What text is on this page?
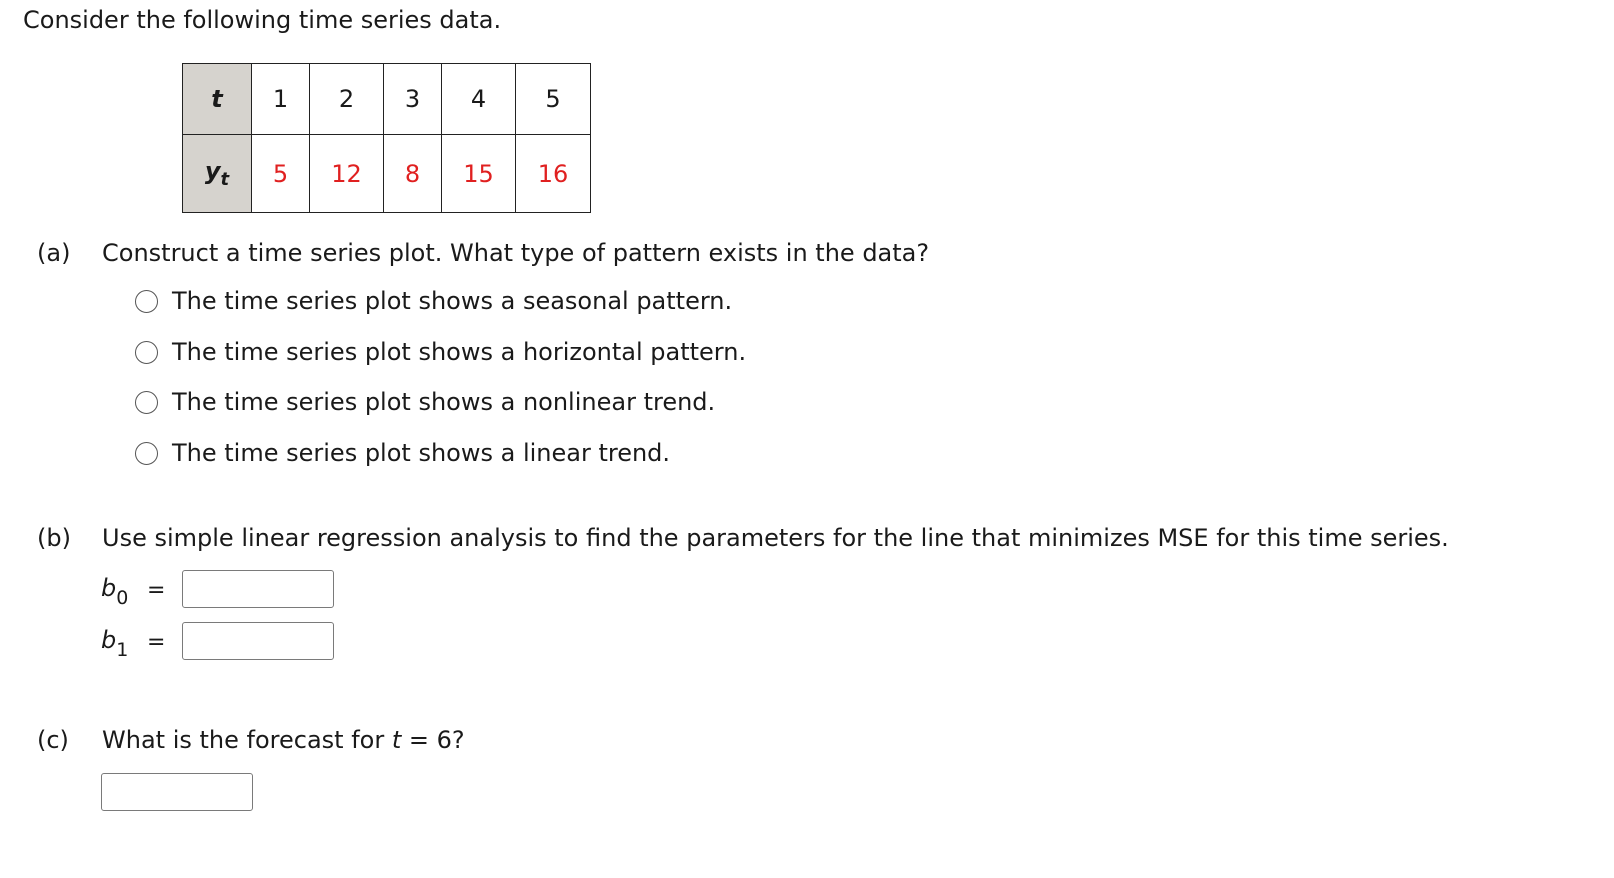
Consider the following time series data.
t	1	2	3	4	5
$y_t$	5	12	8	15	16
(a) Construct a time series plot. What type of pattern exists in the data?
The time series plot shows a seasonal pattern.
The time series plot shows a horizontal pattern.
The time series plot shows a nonlinear trend.
The time series plot shows a linear trend.
(b) Use simple linear regression analysis to find the parameters for the line that minimizes MSE for this time series.
$b_0$ =
$b_1$ =
(c) What is the forecast for t = 6?
